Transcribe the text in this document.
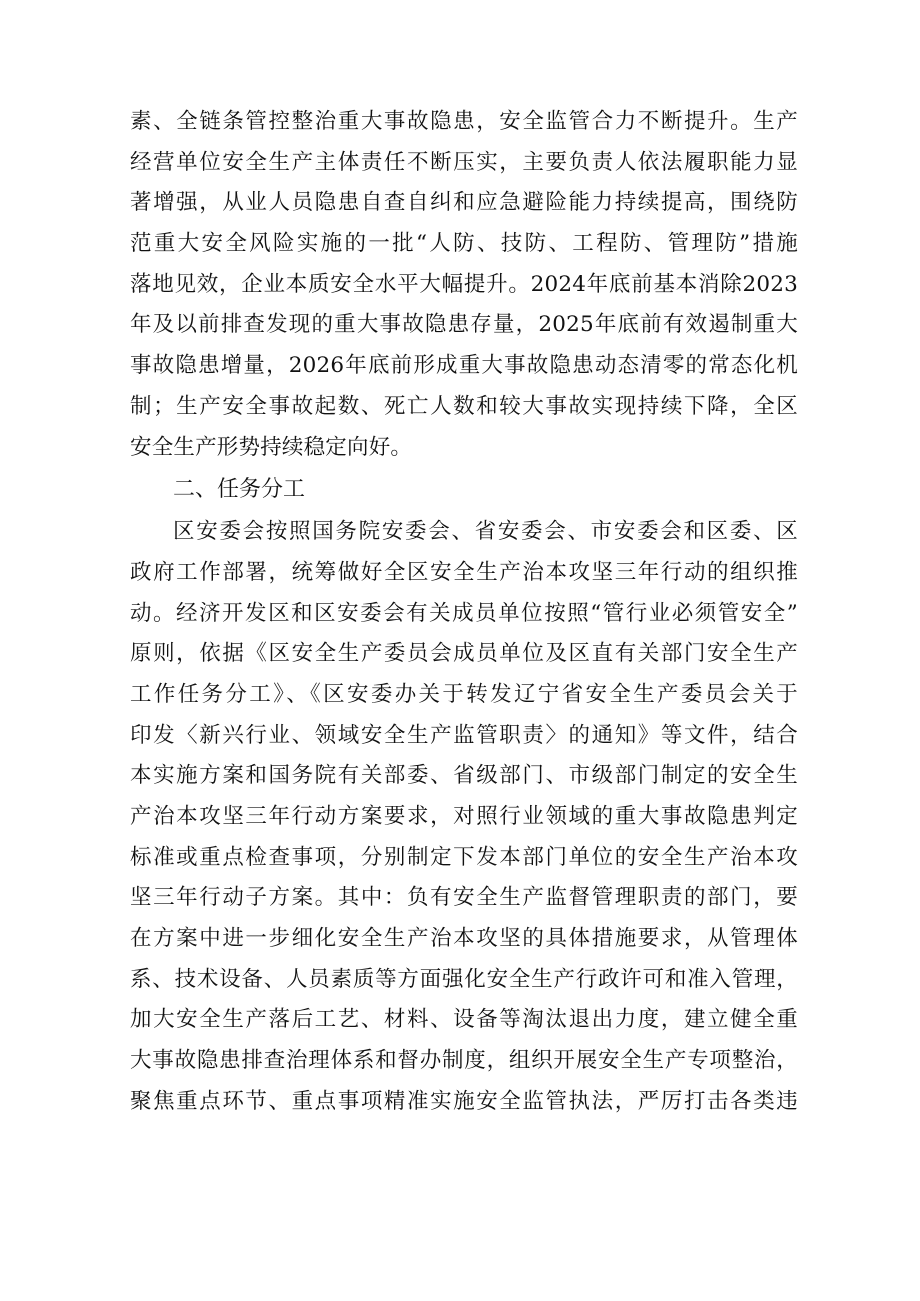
素、全链条管控整治重大事故隐患，安全监管合力不断提升。生产
经营单位安全生产主体责任不断压实，主要负责人依法履职能力显
著增强，从业人员隐患自查自纠和应急避险能力持续提高，围绕防
范重大安全风险实施的一批“人防、技防、工程防、管理防”措施
落地见效，企业本质安全水平大幅提升。2024年底前基本消除2023
年及以前排查发现的重大事故隐患存量，2025年底前有效遏制重大
事故隐患增量，2026年底前形成重大事故隐患动态清零的常态化机
制；生产安全事故起数、死亡人数和较大事故实现持续下降，全区
安全生产形势持续稳定向好。
二、任务分工
区安委会按照国务院安委会、省安委会、市安委会和区委、区
政府工作部署，统筹做好全区安全生产治本攻坚三年行动的组织推
动。经济开发区和区安委会有关成员单位按照“管行业必须管安全”
原则，依据《区安全生产委员会成员单位及区直有关部门安全生产
工作任务分工》、《区安委办关于转发辽宁省安全生产委员会关于
印发〈新兴行业、领域安全生产监管职责〉的通知》等文件，结合
本实施方案和国务院有关部委、省级部门、市级部门制定的安全生
产治本攻坚三年行动方案要求，对照行业领域的重大事故隐患判定
标准或重点检查事项，分别制定下发本部门单位的安全生产治本攻
坚三年行动子方案。其中：负有安全生产监督管理职责的部门，要
在方案中进一步细化安全生产治本攻坚的具体措施要求，从管理体
系、技术设备、人员素质等方面强化安全生产行政许可和准入管理，
加大安全生产落后工艺、材料、设备等淘汰退出力度，建立健全重
大事故隐患排查治理体系和督办制度，组织开展安全生产专项整治，
聚焦重点环节、重点事项精准实施安全监管执法，严厉打击各类违
